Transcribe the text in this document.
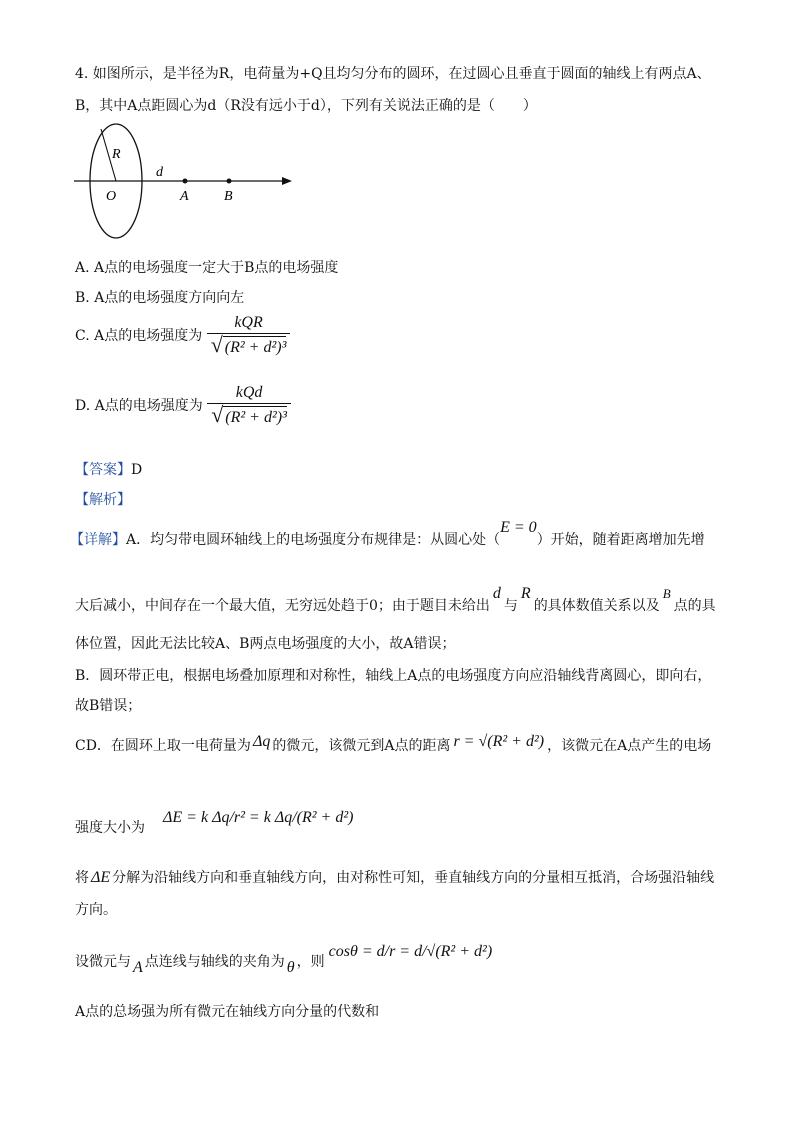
4. 如图所示，是半径为R，电荷量为+Q且均匀分布的圆环，在过圆心且垂直于圆面的轴线上有两点A、
B，其中A点距圆心为d（R没有远小于d），下列有关说法正确的是（　　）
R
O
d
A	B
A. A点的电场强度一定大于B点的电场强度
B. A点的电场强度方向向左
C. A点的电场强度为 $\frac{\text{kQR}}{\text{√ (R² + d²)³}}$
D. A点的电场强度为 $\frac{\text{kQd}}{\text{√ (R² + d²)³}}$
【答案】D
【解析】
【详解】A．均匀带电圆环轴线上的电场强度分布规律是：从圆心处（E = 0）开始，随着距离增加先增
大后减小，中间存在一个最大值，无穷远处趋于0；由于题目未给出d与R的具体数值关系以及B点的具
体位置，因此无法比较A、B两点电场强度的大小，故A错误；
B．圆环带正电，根据电场叠加原理和对称性，轴线上A点的电场强度方向应沿轴线背离圆心，即向右，
故B错误；
CD．在圆环上取一电荷量为 Δq 的微元，该微元到A点的距离 r = √(R² + d²) ，该微元在A点产生的电场
强度大小为ΔE = k Δq/r² = k Δq/(R² + d²)
将 ΔE 分解为沿轴线方向和垂直轴线方向，由对称性可知，垂直轴线方向的分量相互抵消，合场强沿轴线
方向。
设微元与 A 点连线与轴线的夹角为 θ ，则cosθ = d/r = d/√(R² + d²)
A点的总场强为所有微元在轴线方向分量的代数和
